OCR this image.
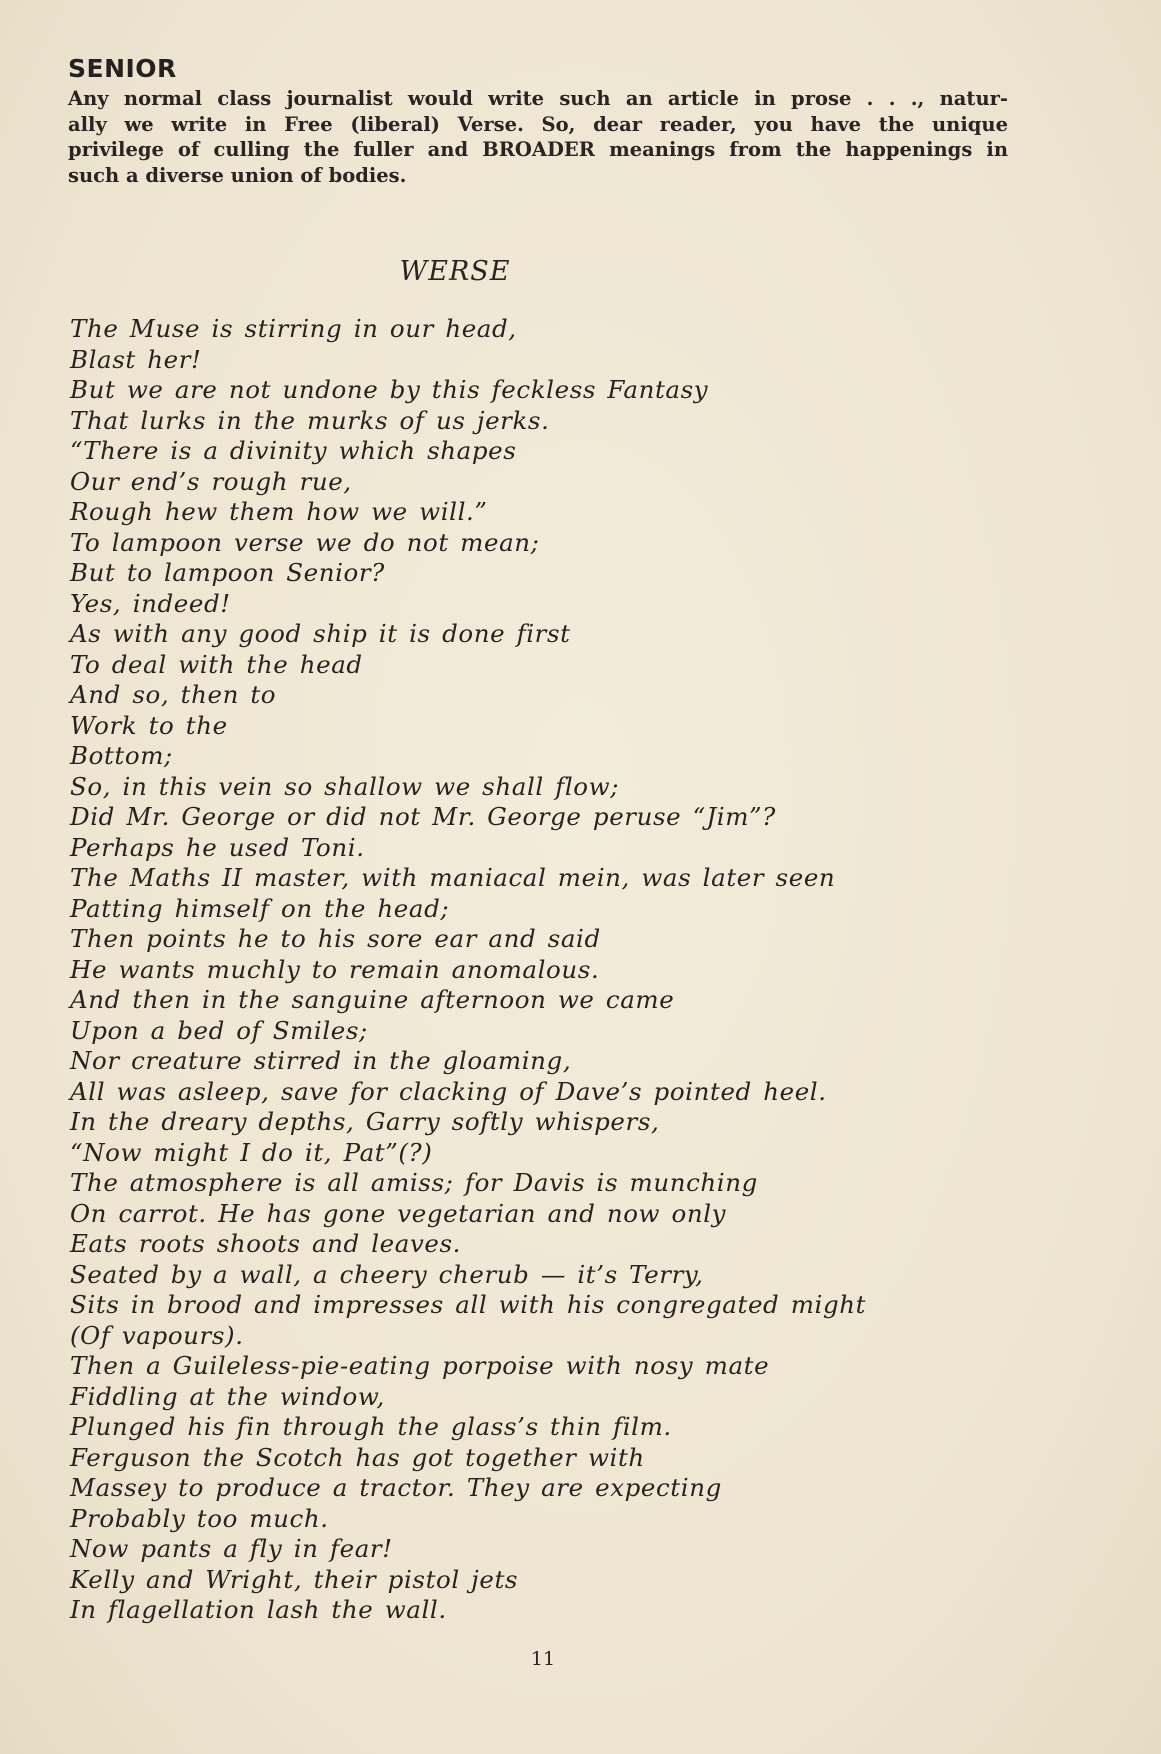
SENIOR
Any normal class journalist would write such an article in prose . . ., natur-
ally we write in Free (liberal) Verse. So, dear reader, you have the unique
privilege of culling the fuller and BROADER meanings from the happenings in
such a diverse union of bodies.
WERSE
The Muse is stirring in our head,
Blast her!
But we are not undone by this feckless Fantasy
That lurks in the murks of us jerks.
“There is a divinity which shapes
Our end’s rough rue,
Rough hew them how we will.”
To lampoon verse we do not mean;
But to lampoon Senior?
Yes, indeed!
As with any good ship it is done first
To deal with the head
And so, then to
Work to the
Bottom;
So, in this vein so shallow we shall flow;
Did Mr. George or did not Mr. George peruse “Jim”?
Perhaps he used Toni.
The Maths II master, with maniacal mein, was later seen
Patting himself on the head;
Then points he to his sore ear and said
He wants muchly to remain anomalous.
And then in the sanguine afternoon we came
Upon a bed of Smiles;
Nor creature stirred in the gloaming,
All was asleep, save for clacking of Dave’s pointed heel.
In the dreary depths, Garry softly whispers,
“Now might I do it, Pat”(?)
The atmosphere is all amiss; for Davis is munching
On carrot. He has gone vegetarian and now only
Eats roots shoots and leaves.
Seated by a wall, a cheery cherub — it’s Terry,
Sits in brood and impresses all with his congregated might
(Of vapours).
Then a Guileless-pie-eating porpoise with nosy mate
Fiddling at the window,
Plunged his fin through the glass’s thin film.
Ferguson the Scotch has got together with
Massey to produce a tractor. They are expecting
Probably too much.
Now pants a fly in fear!
Kelly and Wright, their pistol jets
In flagellation lash the wall.
11
